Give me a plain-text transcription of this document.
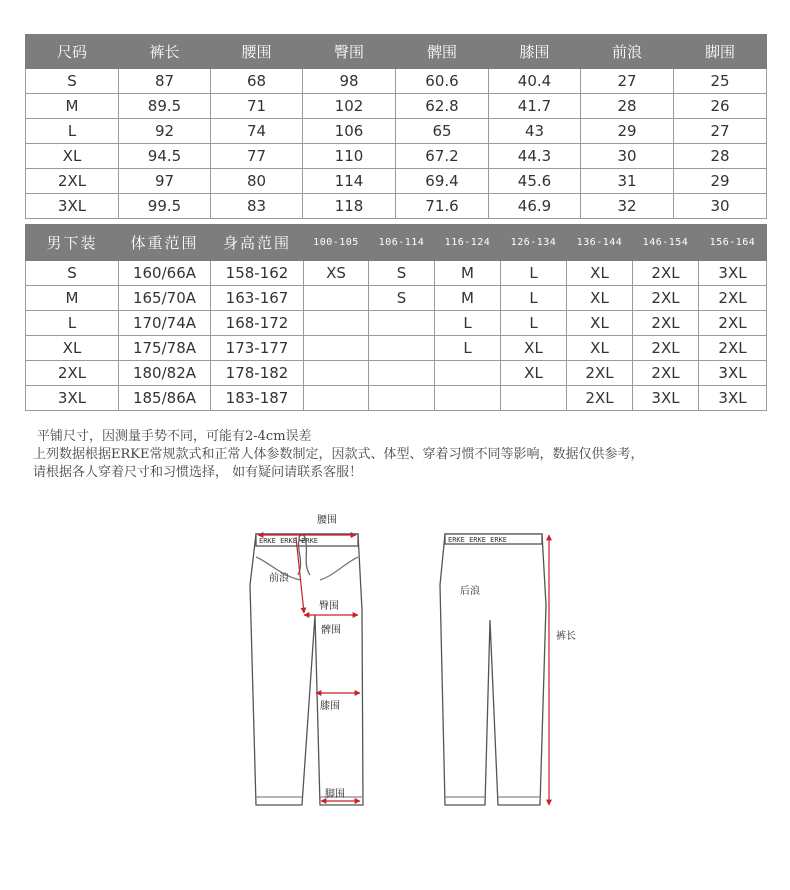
尺码	裤长	腰围	臀围	髀围	膝围	前浪	脚围
S	87	68	98	60.6	40.4	27	25
M	89.5	71	102	62.8	41.7	28	26
L	92	74	106	65	43	29	27
XL	94.5	77	110	67.2	44.3	30	28
2XL	97	80	114	69.4	45.6	31	29
3XL	99.5	83	118	71.6	46.9	32	30
男下装	体重范围	身高范围	100-105	106-114	116-124	126-134	136-144	146-154	156-164
S	160/66A	158-162	XS	S	M	L	XL	2XL	3XL
M	165/70A	163-167		S	M	L	XL	2XL	2XL
L	170/74A	168-172			L	L	XL	2XL	2XL
XL	175/78A	173-177			L	XL	XL	2XL	2XL
2XL	180/82A	178-182				XL	2XL	2XL	3XL
3XL	185/86A	183-187					2XL	3XL	3XL
平铺尺寸，因测量手势不同，可能有2-4cm误差
上列数据根据ERKE常规款式和正常人体参数制定，因款式、体型、穿着习惯不同等影响，数据仅供参考，
请根据各人穿着尺寸和习惯选择， 如有疑问请联系客服！
ERKE ERKE ERKE	ERKE ERKE ERKE
腰围
前浪
臀围
髀围
膝围
脚围
后浪
裤长
